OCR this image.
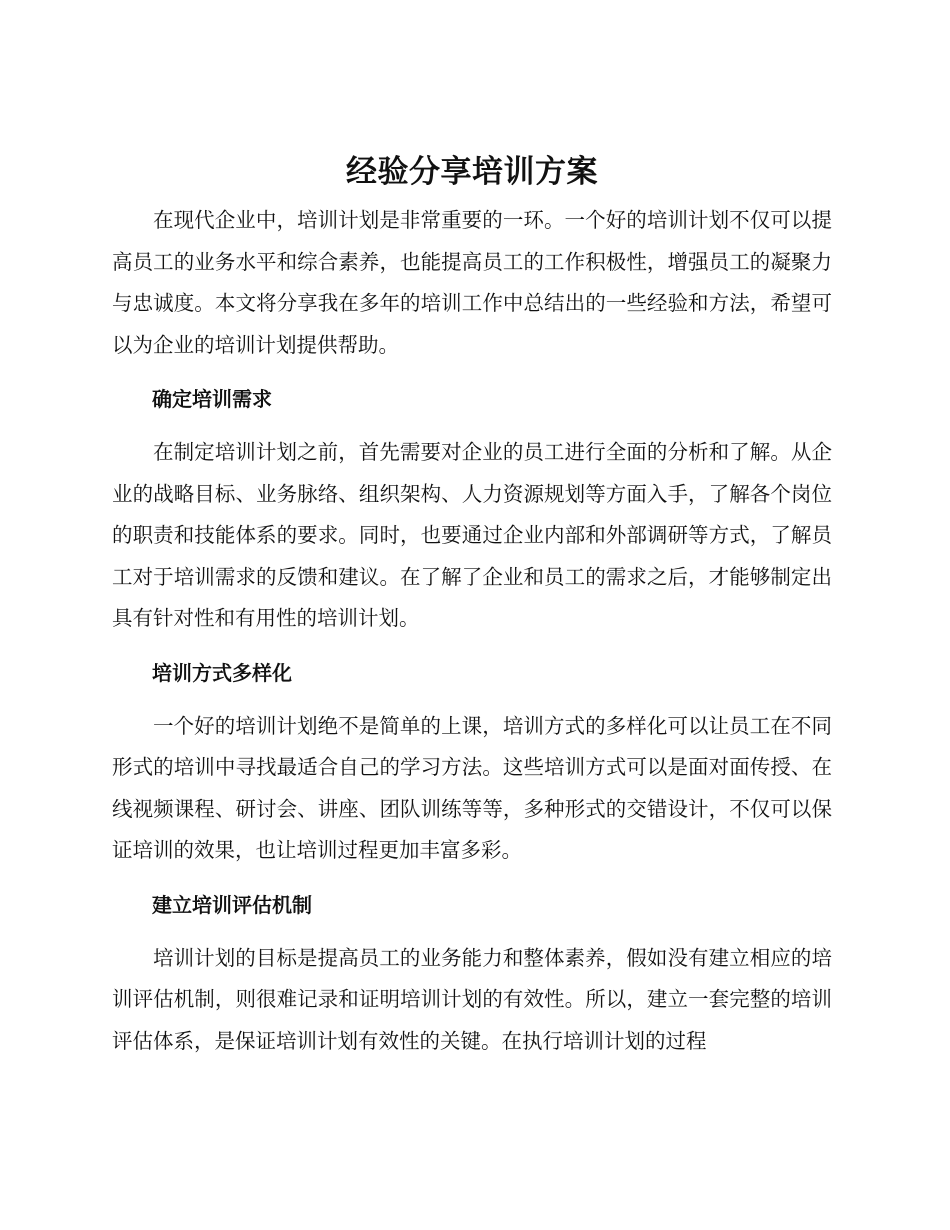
经验分享培训方案

在现代企业中，培训计划是非常重要的一环。一个好的培训计划不仅可以提高员工的业务水平和综合素养，也能提高员工的工作积极性，增强员工的凝聚力与忠诚度。本文将分享我在多年的培训工作中总结出的一些经验和方法，希望可以为企业的培训计划提供帮助。

确定培训需求

在制定培训计划之前，首先需要对企业的员工进行全面的分析和了解。从企业的战略目标、业务脉络、组织架构、人力资源规划等方面入手，了解各个岗位的职责和技能体系的要求。同时，也要通过企业内部和外部调研等方式，了解员工对于培训需求的反馈和建议。在了解了企业和员工的需求之后，才能够制定出具有针对性和有用性的培训计划。

培训方式多样化

一个好的培训计划绝不是简单的上课，培训方式的多样化可以让员工在不同形式的培训中寻找最适合自己的学习方法。这些培训方式可以是面对面传授、在线视频课程、研讨会、讲座、团队训练等等，多种形式的交错设计，不仅可以保证培训的效果，也让培训过程更加丰富多彩。

建立培训评估机制

培训计划的目标是提高员工的业务能力和整体素养，假如没有建立相应的培训评估机制，则很难记录和证明培训计划的有效性。所以，建立一套完整的培训评估体系，是保证培训计划有效性的关键。在执行培训计划的过程
